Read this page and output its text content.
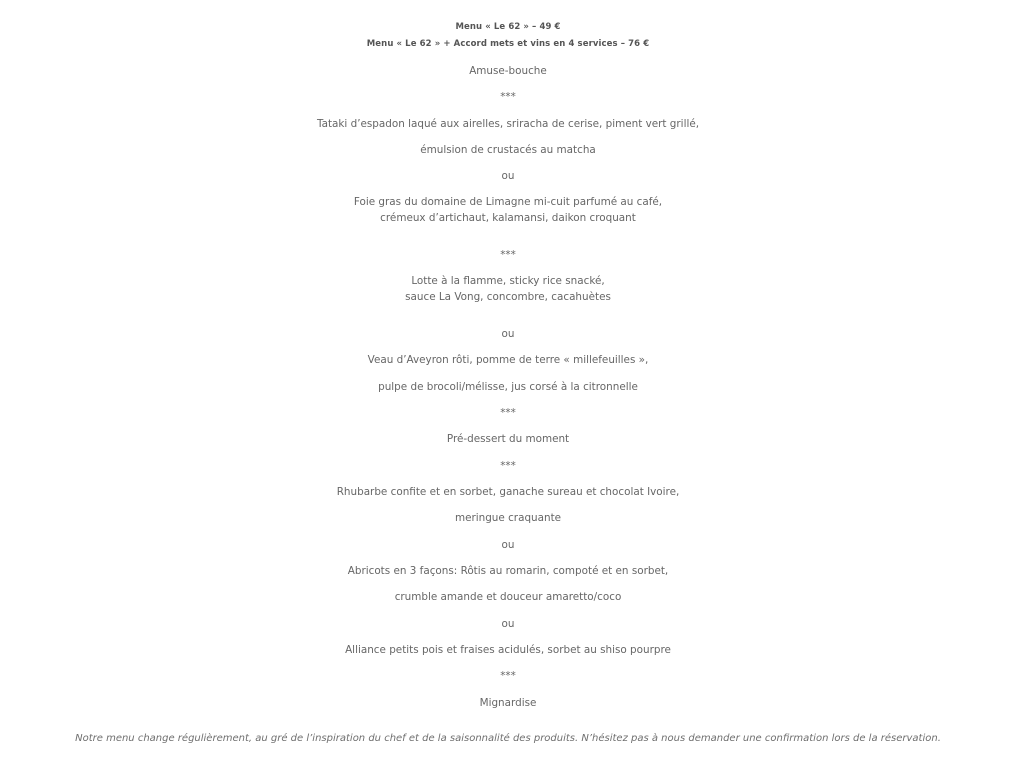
Menu « Le 62 » – 49 €
Menu « Le 62 » + Accord mets et vins en 4 services – 76 €
Amuse-bouche
***
Tataki d’espadon laqué aux airelles, sriracha de cerise, piment vert grillé,
émulsion de crustacés au matcha
ou
Foie gras du domaine de Limagne mi-cuit parfumé au café,
crémeux d’artichaut, kalamansi, daikon croquant
***
Lotte à la flamme, sticky rice snacké,
sauce La Vong, concombre, cacahuètes
ou
Veau d’Aveyron rôti, pomme de terre « millefeuilles »,
pulpe de brocoli/mélisse, jus corsé à la citronnelle
***
Pré-dessert du moment
***
Rhubarbe confite et en sorbet, ganache sureau et chocolat Ivoire,
meringue craquante
ou
Abricots en 3 façons: Rôtis au romarin, compoté et en sorbet,
crumble amande et douceur amaretto/coco
ou
Alliance petits pois et fraises acidulés, sorbet au shiso pourpre
***
Mignardise
Notre menu change régulièrement, au gré de l’inspiration du chef et de la saisonnalité des produits. N’hésitez pas à nous demander une confirmation lors de la réservation.
